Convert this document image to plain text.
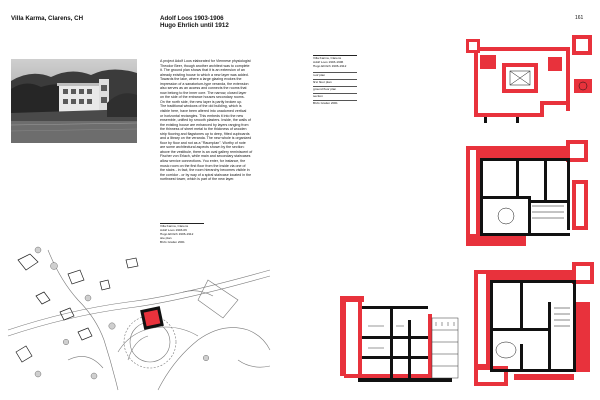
Villa Karma, Clarens, CH	Adolf Loos 1903-1906
Hugo Ehrlich until 1912
161
A project Adolf Loos elaborated for Viennese physiologist
Theodor Beer, though another architect was to complete
it. The ground plan shows that it is an extension of an
already existing house to which a new layer was added.
Towards the lake, where a large glazing evokes the
impression of a sanatorium-type veranda, the extension
also serves as an access and connects the rooms that
now belong to the inner core. The narrow, closed layer
on the side of the entrance houses secondary rooms.
On the north side, the new layer is partly broken up.
The traditional windows of the old building, which is
visible here, have been altered into unadorned vertical
or horizontal rectangles. This embeds it into the new
ensemble, unified by smooth plasters. Inside, the walls of
the existing house are enhanced by layers ranging from
the thinness of sheet metal to the thickness of wooden
strip flooring and flagstones up to deep, fitted cupboards
and a library on the veranda. The new whole is organized
floor by floor and not as a "Raumplan". Worthy of note
are some architectural aspects shown by the section:
above the vestibule, there is an oval gallery reminiscent of
Fischer von Erlach, while main and secondary staircases
allow service connections. You enter, for instance, the
music room on the first floor from the inside via one of
the stairs - in fact, the room hierarchy becomes visible in
the corridor - or by way of a spiral staircase located in the
northwest tower, which is part of the new layer.
Villa Karma, Clarens
Adolf Loos 1903-06
Hugo Ehrlich 1906-1912
site plan
BUG Grafen 2001
Villa Karma, Clarens
Adolf Loos 1903-1906
Hugo Ehrlich 1906-1912
roof plan
first floor plan
ground floor plan
section
BUG Grafen 2001
